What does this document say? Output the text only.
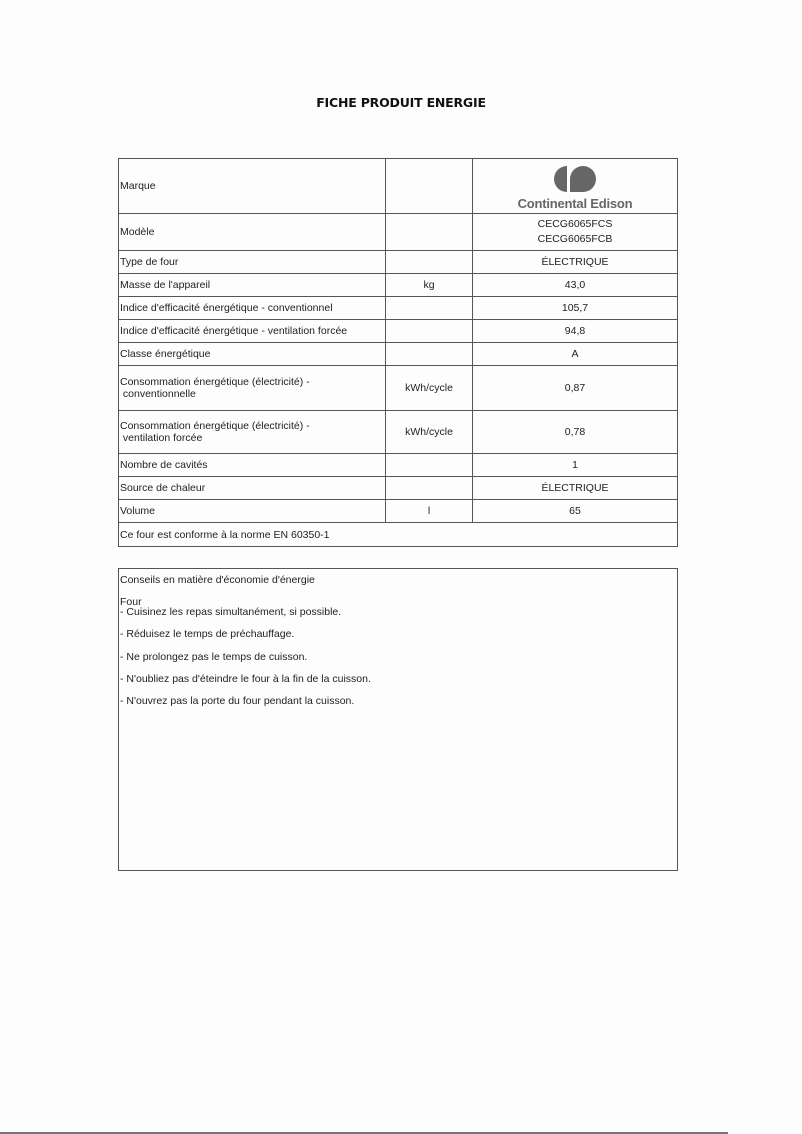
FICHE PRODUIT ENERGIE
Marque		Continental Edison

Modèle		CECG6065FCS
CECG6065FCB

Type de four		ÉLECTRIQUE
Masse de l'appareil	kg	43,0
Indice d'efficacité énergétique - conventionnel		105,7
Indice d'efficacité énergétique - ventilation forcée		94,8
Classe énergétique		A

Consommation énergétique (électricité) -
conventionnelle	kWh/cycle	0,87

Consommation énergétique (électricité) -
ventilation forcée	kWh/cycle	0,78
Nombre de cavités		1
Source de chaleur		ÉLECTRIQUE
Volume	l	65
Ce four est conforme à la norme EN 60350-1		
Conseils en matière d'économie d'énergie
Four
- Cuisinez les repas simultanément, si possible.
- Réduisez le temps de préchauffage.
- Ne prolongez pas le temps de cuisson.
- N'oubliez pas d'éteindre le four à la fin de la cuisson.
- N'ouvrez pas la porte du four pendant la cuisson.
